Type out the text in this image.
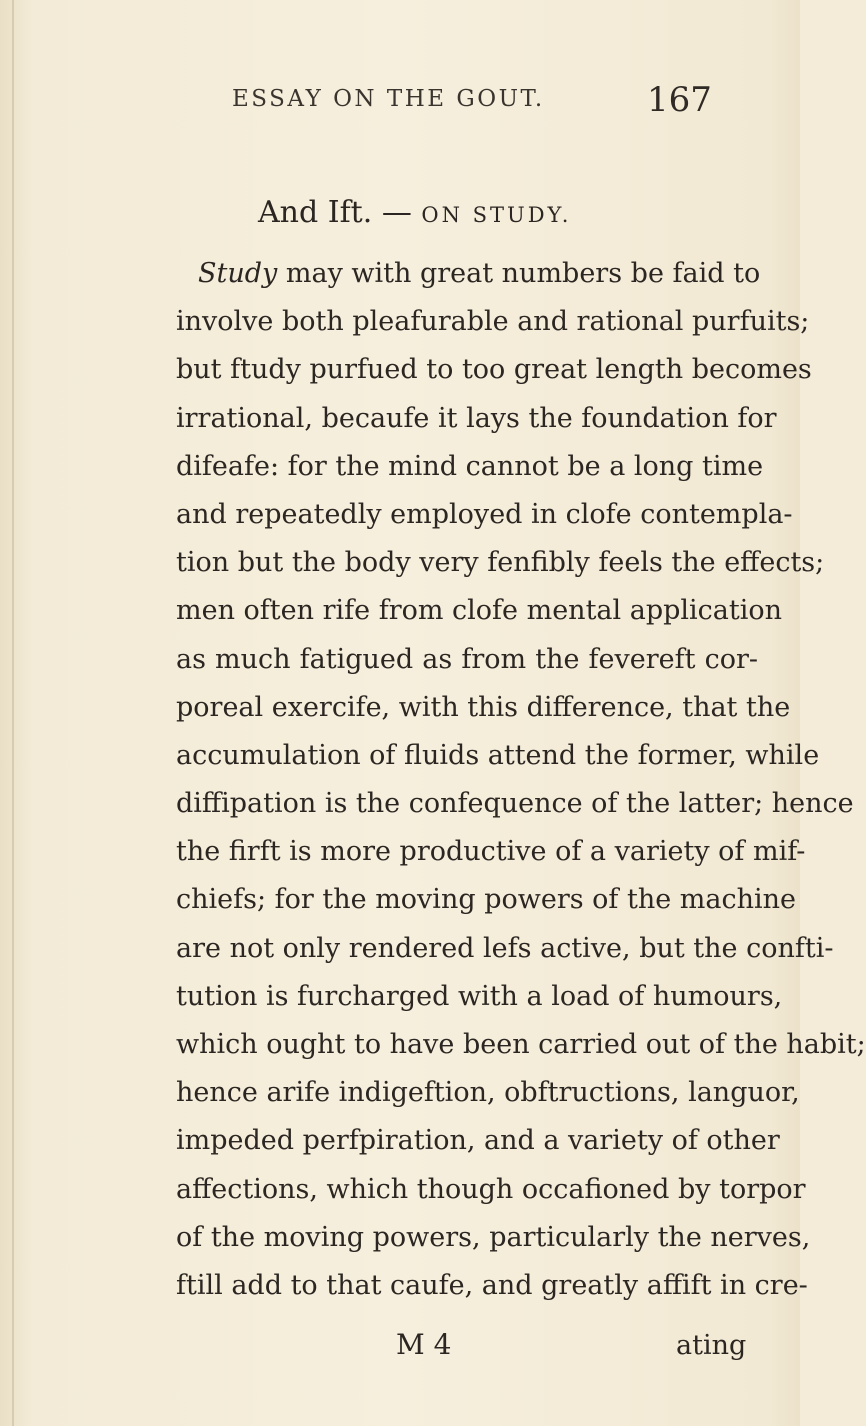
ESSAY ON THE GOUT.	167
And Ift. — ON STUDY.
Study may with great numbers be faid to
involve both pleafurable and rational purfuits;
but ftudy purfued to too great length becomes
irrational, becaufe it lays the foundation for
difeafe: for the mind cannot be a long time
and repeatedly employed in clofe contempla-
tion but the body very fenfibly feels the effects;
men often rife from clofe mental application
as much fatigued as from the fevereft cor-
poreal exercife, with this difference, that the
accumulation of fluids attend the former, while
diffipation is the confequence of the latter; hence
the firft is more productive of a variety of mif-
chiefs; for the moving powers of the machine
are not only rendered lefs active, but the confti-
tution is furcharged with a load of humours,
which ought to have been carried out of the habit;
hence arife indigeftion, obftructions, languor,
impeded perfpiration, and a variety of other
affections, which though occafioned by torpor
of the moving powers, particularly the nerves,
ftill add to that caufe, and greatly affift in cre-
M 4	ating
